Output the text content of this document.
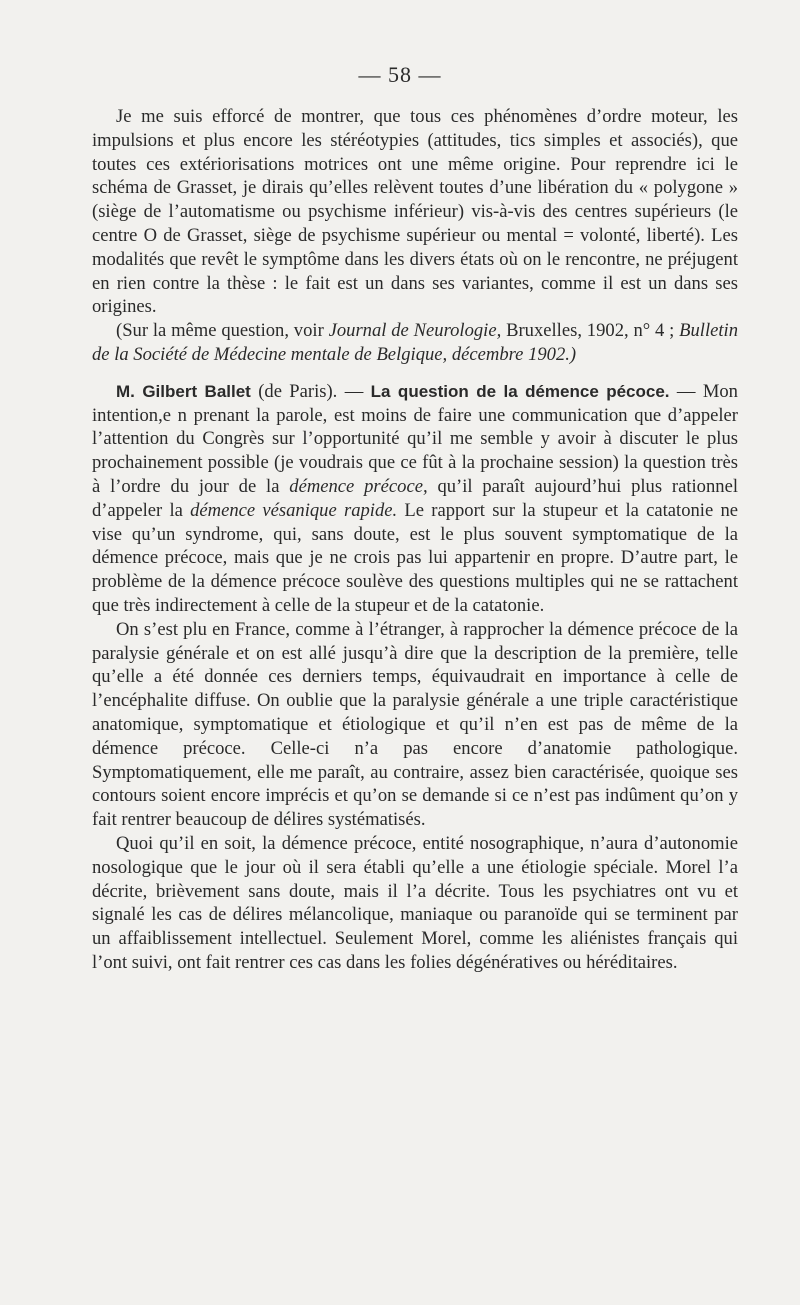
— 58 —

Je me suis efforcé de montrer, que tous ces phénomènes d’ordre moteur, les impulsions et plus encore les stéréotypies (attitudes, tics simples et associés), que toutes ces extériorisations motrices ont une même origine. Pour reprendre ici le schéma de Grasset, je dirais qu’elles relèvent toutes d’une libération du « polygone » (siège de l’automatisme ou psychisme inférieur) vis-à-vis des centres supérieurs (le centre O de Grasset, siège de psychisme supérieur ou mental = volonté, liberté). Les modalités que revêt le symptôme dans les divers états où on le rencontre, ne préjugent en rien contre la thèse : le fait est un dans ses variantes, comme il est un dans ses origines.

(Sur la même question, voir Journal de Neurologie, Bruxelles, 1902, n° 4 ; Bulletin de la Société de Médecine mentale de Belgique, décembre 1902.)

M. Gilbert Ballet (de Paris). — La question de la démence pécoce. — Mon intention,e n prenant la parole, est moins de faire une communication que d’appeler l’attention du Congrès sur l’opportunité qu’il me semble y avoir à discuter le plus prochainement possible (je voudrais que ce fût à la prochaine session) la question très à l’ordre du jour de la démence précoce, qu’il paraît aujourd’hui plus rationnel d’appeler la démence vésanique rapide. Le rapport sur la stupeur et la catatonie ne vise qu’un syndrome, qui, sans doute, est le plus souvent symptomatique de la démence précoce, mais que je ne crois pas lui appartenir en propre. D’autre part, le problème de la démence précoce soulève des questions multiples qui ne se rattachent que très indirectement à celle de la stupeur et de la catatonie.

On s’est plu en France, comme à l’étranger, à rapprocher la démence précoce de la paralysie générale et on est allé jusqu’à dire que la description de la première, telle qu’elle a été donnée ces derniers temps, équivaudrait en importance à celle de l’encéphalite diffuse. On oublie que la paralysie générale a une triple caractéristique anatomique, symptomatique et étiologique et qu’il n’en est pas de même de la démence précoce. Celle-ci n’a pas encore d’anatomie pathologique. Symptomatiquement, elle me paraît, au contraire, assez bien caractérisée, quoique ses contours soient encore imprécis et qu’on se demande si ce n’est pas indûment qu’on y fait rentrer beaucoup de délires systématisés.

Quoi qu’il en soit, la démence précoce, entité nosographique, n’aura d’autonomie nosologique que le jour où il sera établi qu’elle a une étiologie spéciale. Morel l’a décrite, brièvement sans doute, mais il l’a décrite. Tous les psychiatres ont vu et signalé les cas de délires mélancolique, maniaque ou paranoïde qui se terminent par un affaiblissement intellectuel. Seulement Morel, comme les aliénistes français qui l’ont suivi, ont fait rentrer ces cas dans les folies dégénératives ou héréditaires.
